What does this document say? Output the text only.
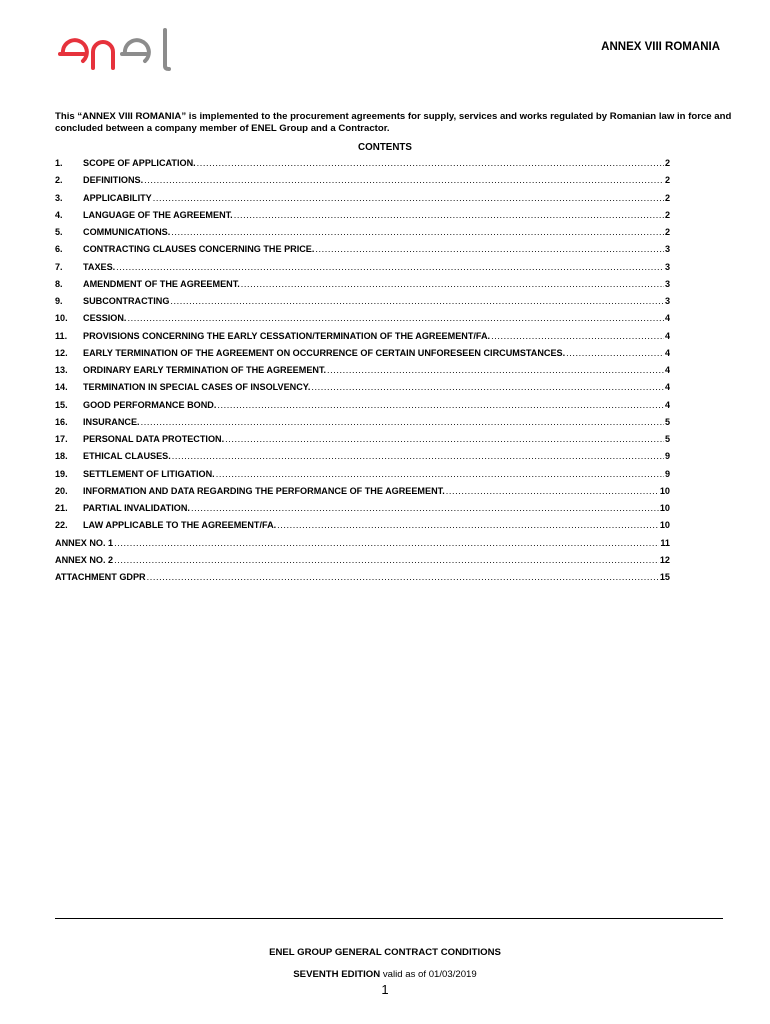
ANNEX VIII ROMANIA
This “ANNEX VIII ROMANIA” is implemented to the procurement agreements for supply, services and works regulated by Romanian law in force and concluded between a company member of ENEL Group and a Contractor.
CONTENTS
1.	SCOPE OF APPLICATION. .....	2
2.	DEFINITIONS. .....	2
3.	APPLICABILITY .....	2
4.	LANGUAGE OF THE AGREEMENT. .....	2
5.	COMMUNICATIONS. .....	2
6.	CONTRACTING CLAUSES CONCERNING THE PRICE. .....	3
7.	TAXES. .....	3
8.	AMENDMENT OF THE AGREEMENT. .....	3
9.	SUBCONTRACTING .....	3
10.	CESSION. .....	4
11.	PROVISIONS CONCERNING THE EARLY CESSATION/TERMINATION OF THE AGREEMENT/FA. .....	4
12.	EARLY TERMINATION OF THE AGREEMENT ON OCCURRENCE OF CERTAIN UNFORESEEN CIRCUMSTANCES. .....	4
13.	ORDINARY EARLY TERMINATION OF THE AGREEMENT. .....	4
14.	TERMINATION IN SPECIAL CASES OF INSOLVENCY. .....	4
15.	GOOD PERFORMANCE BOND. .....	4
16.	INSURANCE. .....	5
17.	PERSONAL DATA PROTECTION. .....	5
18.	ETHICAL CLAUSES. .....	9
19.	SETTLEMENT OF LITIGATION. .....	9
20.	INFORMATION AND DATA REGARDING THE PERFORMANCE OF THE AGREEMENT. .....	10
21.	PARTIAL INVALIDATION. .....	10
22.	LAW APPLICABLE TO THE AGREEMENT/FA. .....	10
ANNEX NO. 1 .....	11
ANNEX NO. 2 .....	12
ATTACHMENT GDPR .....	15
ENEL GROUP GENERAL CONTRACT CONDITIONS
SEVENTH EDITION valid as of 01/03/2019
1
